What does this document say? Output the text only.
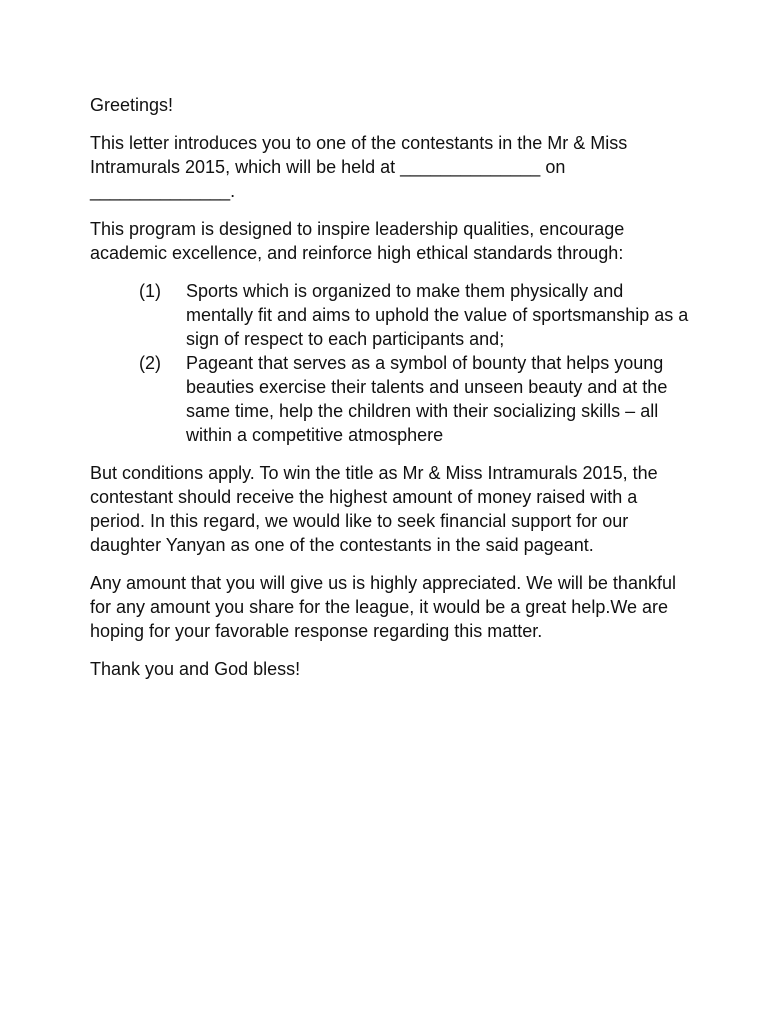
Greetings!

This letter introduces you to one of the contestants in the Mr & Miss Intramurals 2015, which will be held at ______________ on ______________.

This program is designed to inspire leadership qualities, encourage academic excellence, and reinforce high ethical standards through:

(1)	Sports which is organized to make them physically and mentally fit and aims to uphold the value of sportsmanship as a sign of respect to each participants and;
(2)	Pageant that serves as a symbol of bounty that helps young beauties exercise their talents and unseen beauty and at the same time, help the children with their socializing skills – all within a competitive atmosphere

But conditions apply. To win the title as Mr & Miss Intramurals 2015, the contestant should receive the highest amount of money raised with a period. In this regard, we would like to seek financial support for our daughter Yanyan as one of the contestants in the said pageant.

Any amount that you will give us is highly appreciated. We will be thankful for any amount you share for the league, it would be a great help.We are hoping for your favorable response regarding this matter.

Thank you and God bless!
